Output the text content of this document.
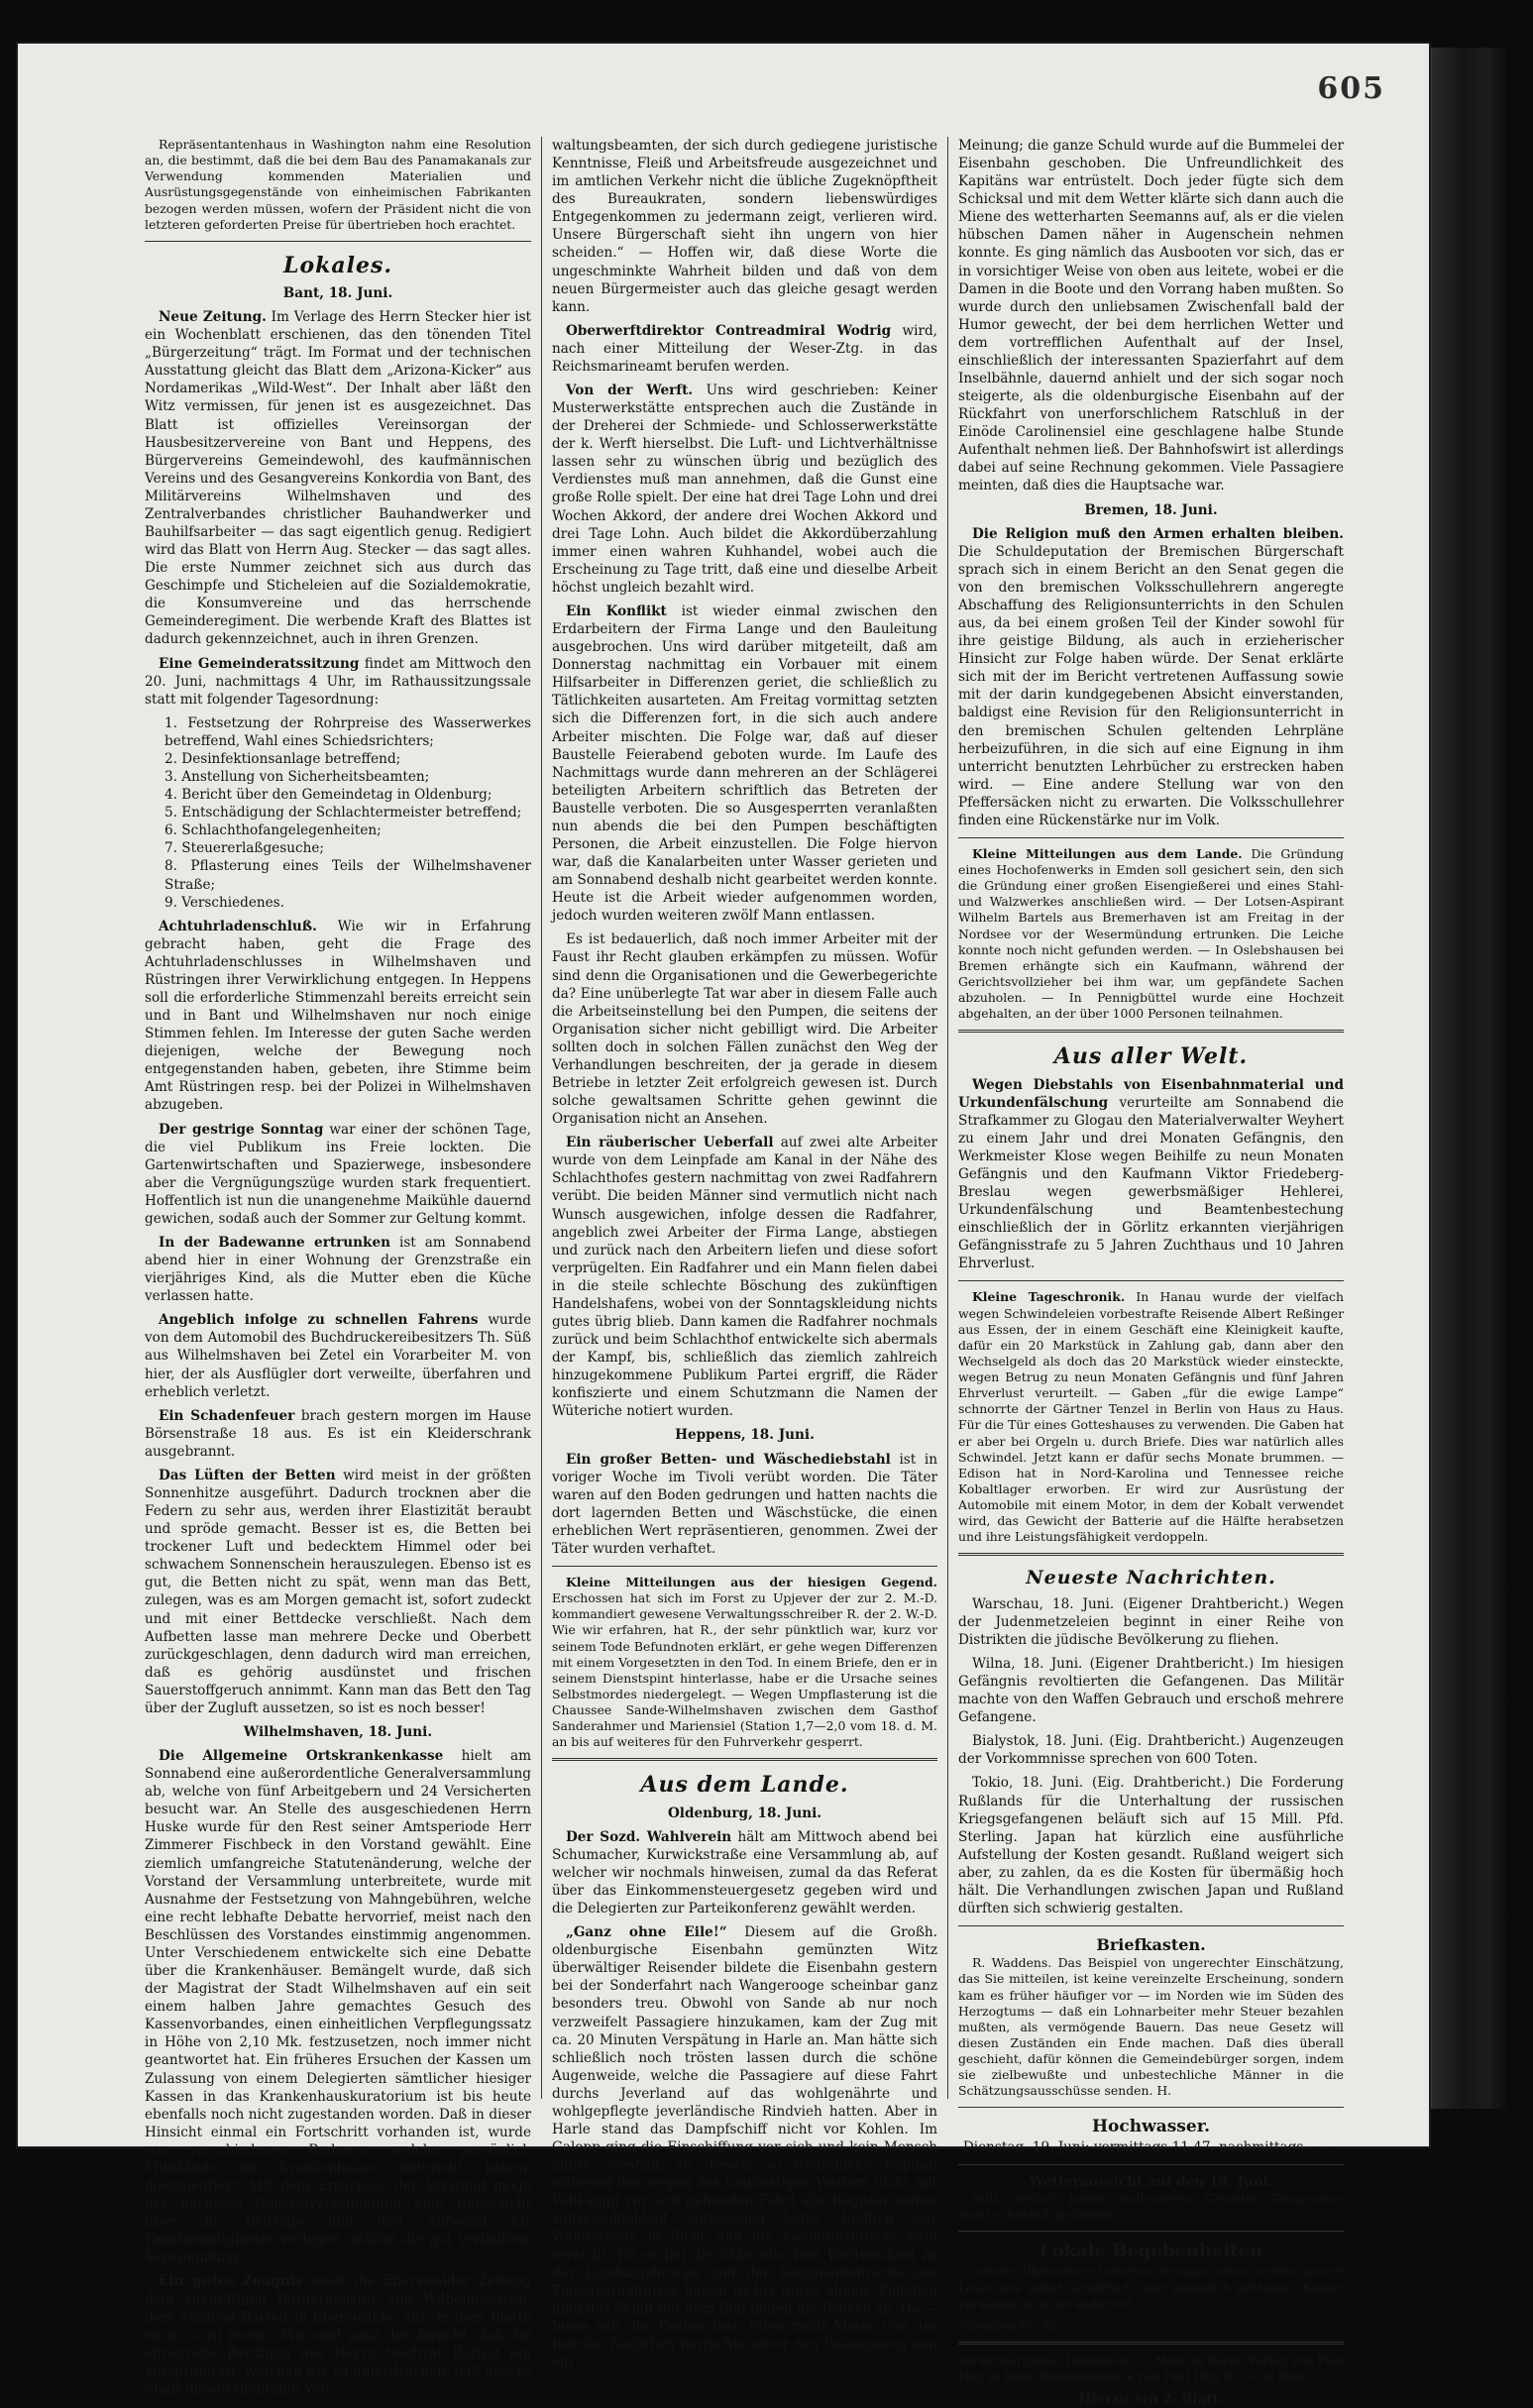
605

Repräsentantenhaus in Washington nahm eine Resolution an, die bestimmt, daß die bei dem Bau des Panamakanals zur Verwendung kommenden Materialien und Ausrüstungsgegenstände von einheimischen Fabrikanten bezogen werden müssen, wofern der Präsident nicht die von letzteren geforderten Preise für übertrieben hoch erachtet.

Lokales.
Bant, 18. Juni.

Neue Zeitung. Im Verlage des Herrn Stecker hier ist ein Wochenblatt erschienen, das den tönenden Titel „Bürgerzeitung“ trägt. Im Format und der technischen Ausstattung gleicht das Blatt dem „Arizona-Kicker“ aus Nordamerikas „Wild-West“. Der Inhalt aber läßt den Witz vermissen, für jenen ist es ausgezeichnet. Das Blatt ist offizielles Vereinsorgan der Hausbesitzervereine von Bant und Heppens, des Bürgervereins Gemeindewohl, des kaufmännischen Vereins und des Gesangvereins Konkordia von Bant, des Militärvereins Wilhelmshaven und des Zentralverbandes christlicher Bauhandwerker und Bauhilfsarbeiter — das sagt eigentlich genug. Redigiert wird das Blatt von Herrn Aug. Stecker — das sagt alles. Die erste Nummer zeichnet sich aus durch das Geschimpfe und Sticheleien auf die Sozialdemokratie, die Konsumvereine und das herrschende Gemeinderegiment. Die werbende Kraft des Blattes ist dadurch gekennzeichnet, auch in ihren Grenzen.

Eine Gemeinderatssitzung findet am Mittwoch den 20. Juni, nachmittags 4 Uhr, im Rathaussitzungssale statt mit folgender Tagesordnung:

1. Festsetzung der Rohrpreise des Wasserwerkes betreffend, Wahl eines Schiedsrichters;
2. Desinfektionsanlage betreffend;
3. Anstellung von Sicherheitsbeamten;
4. Bericht über den Gemeindetag in Oldenburg;
5. Entschädigung der Schlachtermeister betreffend;
6. Schlachthofangelegenheiten;
7. Steuererlaßgesuche;
8. Pflasterung eines Teils der Wilhelmshavener Straße;
9. Verschiedenes.

Achtuhrladenschluß. Wie wir in Erfahrung gebracht haben, geht die Frage des Achtuhrladenschlusses in Wilhelmshaven und Rüstringen ihrer Verwirklichung entgegen. In Heppens soll die erforderliche Stimmenzahl bereits erreicht sein und in Bant und Wilhelmshaven nur noch einige Stimmen fehlen. Im Interesse der guten Sache werden diejenigen, welche der Bewegung noch entgegenstanden haben, gebeten, ihre Stimme beim Amt Rüstringen resp. bei der Polizei in Wilhelmshaven abzugeben.

Der gestrige Sonntag war einer der schönen Tage, die viel Publikum ins Freie lockten. Die Gartenwirtschaften und Spazierwege, insbesondere aber die Vergnügungszüge wurden stark frequentiert. Hoffentlich ist nun die unangenehme Maikühle dauernd gewichen, sodaß auch der Sommer zur Geltung kommt.

In der Badewanne ertrunken ist am Sonnabend abend hier in einer Wohnung der Grenzstraße ein vierjähriges Kind, als die Mutter eben die Küche verlassen hatte.

Angeblich infolge zu schnellen Fahrens wurde von dem Automobil des Buchdruckereibesitzers Th. Süß aus Wilhelmshaven bei Zetel ein Vorarbeiter M. von hier, der als Ausflügler dort verweilte, überfahren und erheblich verletzt.

Ein Schadenfeuer brach gestern morgen im Hause Börsenstraße 18 aus. Es ist ein Kleiderschrank ausgebrannt.

Das Lüften der Betten wird meist in der größten Sonnenhitze ausgeführt. Dadurch trocknen aber die Federn zu sehr aus, werden ihrer Elastizität beraubt und spröde gemacht. Besser ist es, die Betten bei trockener Luft und bedecktem Himmel oder bei schwachem Sonnenschein herauszulegen. Ebenso ist es gut, die Betten nicht zu spät, wenn man das Bett, zulegen, was es am Morgen gemacht ist, sofort zudeckt und mit einer Bettdecke verschließt. Nach dem Aufbetten lasse man mehrere Decke und Oberbett zurückgeschlagen, denn dadurch wird man erreichen, daß es gehörig ausdünstet und frischen Sauerstoffgeruch annimmt. Kann man das Bett den Tag über der Zugluft aussetzen, so ist es noch besser!

Wilhelmshaven, 18. Juni.

Die Allgemeine Ortskrankenkasse hielt am Sonnabend eine außerordentliche Generalversammlung ab, welche von fünf Arbeitgebern und 24 Versicherten besucht war. An Stelle des ausgeschiedenen Herrn Huske wurde für den Rest seiner Amtsperiode Herr Zimmerer Fischbeck in den Vorstand gewählt. Eine ziemlich umfangreiche Statutenänderung, welche der Vorstand der Versammlung unterbreitete, wurde mit Ausnahme der Festsetzung von Mahngebühren, welche eine recht lebhafte Debatte hervorrief, meist nach den Beschlüssen des Vorstandes einstimmig angenommen. Unter Verschiedenem entwickelte sich eine Debatte über die Krankenhäuser. Bemängelt wurde, daß sich der Magistrat der Stadt Wilhelmshaven auf ein seit einem halben Jahre gemachtes Gesuch des Kassenvorbandes, einen einheitlichen Verpflegungssatz in Höhe von 2,10 Mk. festzusetzen, noch immer nicht geantwortet hat. Ein früheres Ersuchen der Kassen um Zulassung von einem Delegierten sämtlicher hiesiger Kassen in das Krankenhauskuratorium ist bis heute ebenfalls noch nicht zugestanden worden. Daß in dieser Hinsicht einmal ein Fortschritt vorhanden ist, wurde von verschiedenen Rednern, welche persönlich Mißstände im Krankenhause miterlebt haben, dokumentiert. Mit dem Ersuchen, der Vorstand möge der nächsten Generalversammlung eine Uebersicht über die Beiträge und den Aufwand für Familienmitglieder vorlegen, schloß die gut verlaufene Versammlung.

Ein gutes Zeugnis stellt die Eberswalder Zeitung dem zukünftigen Bürgermeister von Wilhelmshaven, dem Stadtrat Bartelt in Eberswalde, aus. In dem Blatte ist u. a. zu lesen: „Wir sind ganz der Ansicht, daß die ehrenvolle Berufung des Herrn Stadtrat Bartelt ein Vorsprung ist, welchen wir zu unterdrücken, daß unsere Stadt diesen tüchtigen Ver-“

waltungsbeamten, der sich durch gediegene juristische Kenntnisse, Fleiß und Arbeitsfreude ausgezeichnet und im amtlichen Verkehr nicht die übliche Zugeknöpftheit des Bureaukraten, sondern liebenswürdiges Entgegenkommen zu jedermann zeigt, verlieren wird. Unsere Bürgerschaft sieht ihn ungern von hier scheiden.“ — Hoffen wir, daß diese Worte die ungeschminkte Wahrheit bilden und daß von dem neuen Bürgermeister auch das gleiche gesagt werden kann.

Oberwerftdirektor Contreadmiral Wodrig wird, nach einer Mitteilung der Weser-Ztg. in das Reichsmarineamt berufen werden.

Von der Werft. Uns wird geschrieben: Keiner Musterwerkstätte entsprechen auch die Zustände in der Dreherei der Schmiede- und Schlosserwerkstätte der k. Werft hierselbst. Die Luft- und Lichtverhältnisse lassen sehr zu wünschen übrig und bezüglich des Verdienstes muß man annehmen, daß die Gunst eine große Rolle spielt. Der eine hat drei Tage Lohn und drei Wochen Akkord, der andere drei Wochen Akkord und drei Tage Lohn. Auch bildet die Akkordüberzahlung immer einen wahren Kuhhandel, wobei auch die Erscheinung zu Tage tritt, daß eine und dieselbe Arbeit höchst ungleich bezahlt wird.

Ein Konflikt ist wieder einmal zwischen den Erdarbeitern der Firma Lange und den Bauleitung ausgebrochen. Uns wird darüber mitgeteilt, daß am Donnerstag nachmittag ein Vorbauer mit einem Hilfsarbeiter in Differenzen geriet, die schließlich zu Tätlichkeiten ausarteten. Am Freitag vormittag setzten sich die Differenzen fort, in die sich auch andere Arbeiter mischten. Die Folge war, daß auf dieser Baustelle Feierabend geboten wurde. Im Laufe des Nachmittags wurde dann mehreren an der Schlägerei beteiligten Arbeitern schriftlich das Betreten der Baustelle verboten. Die so Ausgesperrten veranlaßten nun abends die bei den Pumpen beschäftigten Personen, die Arbeit einzustellen. Die Folge hiervon war, daß die Kanalarbeiten unter Wasser gerieten und am Sonnabend deshalb nicht gearbeitet werden konnte. Heute ist die Arbeit wieder aufgenommen worden, jedoch wurden weiteren zwölf Mann entlassen.

Es ist bedauerlich, daß noch immer Arbeiter mit der Faust ihr Recht glauben erkämpfen zu müssen. Wofür sind denn die Organisationen und die Gewerbegerichte da? Eine unüberlegte Tat war aber in diesem Falle auch die Arbeitseinstellung bei den Pumpen, die seitens der Organisation sicher nicht gebilligt wird. Die Arbeiter sollten doch in solchen Fällen zunächst den Weg der Verhandlungen beschreiten, der ja gerade in diesem Betriebe in letzter Zeit erfolgreich gewesen ist. Durch solche gewaltsamen Schritte gehen gewinnt die Organisation nicht an Ansehen.

Ein räuberischer Ueberfall auf zwei alte Arbeiter wurde von dem Leinpfade am Kanal in der Nähe des Schlachthofes gestern nachmittag von zwei Radfahrern verübt. Die beiden Männer sind vermutlich nicht nach Wunsch ausgewichen, infolge dessen die Radfahrer, angeblich zwei Arbeiter der Firma Lange, abstiegen und zurück nach den Arbeitern liefen und diese sofort verprügelten. Ein Radfahrer und ein Mann fielen dabei in die steile schlechte Böschung des zukünftigen Handelshafens, wobei von der Sonntagskleidung nichts gutes übrig blieb. Dann kamen die Radfahrer nochmals zurück und beim Schlachthof entwickelte sich abermals der Kampf, bis, schließlich das ziemlich zahlreich hinzugekommene Publikum Partei ergriff, die Räder konfiszierte und einem Schutzmann die Namen der Wüteriche notiert wurden.

Heppens, 18. Juni.

Ein großer Betten- und Wäschediebstahl ist in voriger Woche im Tivoli verübt worden. Die Täter waren auf den Boden gedrungen und hatten nachts die dort lagernden Betten und Wäschstücke, die einen erheblichen Wert repräsentieren, genommen. Zwei der Täter wurden verhaftet.

Kleine Mitteilungen aus der hiesigen Gegend. Erschossen hat sich im Forst zu Upjever der zur 2. M.-D. kommandiert gewesene Verwaltungsschreiber R. der 2. W.-D. Wie wir erfahren, hat R., der sehr pünktlich war, kurz vor seinem Tode Befundnoten erklärt, er gehe wegen Differenzen mit einem Vorgesetzten in den Tod. In einem Briefe, den er in seinem Dienstspint hinterlasse, habe er die Ursache seines Selbstmordes niedergelegt. — Wegen Umpflasterung ist die Chaussee Sande-Wilhelmshaven zwischen dem Gasthof Sanderahmer und Mariensiel (Station 1,7—2,0 vom 18. d. M. an bis auf weiteres für den Fuhrverkehr gesperrt.

Aus dem Lande.
Oldenburg, 18. Juni.

Der Sozd. Wahlverein hält am Mittwoch abend bei Schumacher, Kurwickstraße eine Versammlung ab, auf welcher wir nochmals hinweisen, zumal da das Referat über das Einkommensteuergesetz gegeben wird und die Delegierten zur Parteikonferenz gewählt werden.

„Ganz ohne Eile!“ Diesem auf die Großh. oldenburgische Eisenbahn gemünzten Witz überwältiger Reisender bildete die Eisenbahn gestern bei der Sonderfahrt nach Wangerooge scheinbar ganz besonders treu. Obwohl von Sande ab nur noch verzweifelt Passagiere hinzukamen, kam der Zug mit ca. 20 Minuten Verspätung in Harle an. Man hätte sich schließlich noch trösten lassen durch die schöne Augenweide, welche die Passagiere auf diese Fahrt durchs Jeverland auf das wohlgenährte und wohlgepflegte jeverländische Rindvieh hatten. Aber in Harle stand das Dampfschiff nicht vor Kohlen. Im Galopp ging die Einschiffung vor sich und kein Mensch ahnte, weshalb zu diesem so freundliche Kapitän während der wegen des ungünstigen Wetters nicht mit Vollkampf vor sich gehenden Fahrt alle Register seiner Unfreundlichkeit aufgezogen hatte. Endlich war Wangerooge in Sicht und die Landungsbrücke bald erreicht. Da er fiel die Ebbe ein. Den Wortwechsel zu der Landungsbrücke und der Kommandobrücke des Tiefenverhältnisse ließen nichts gutes ahnen. Plötzlich ging das Schiff mit dem Bug gegen die Brücke an. Da — bums saß der Kasten fest; etwa zwölf Meter von der Brücke. Natürlich herrschte unter den Passagieren nun ein

Meinung; die ganze Schuld wurde auf die Bummelei der Eisenbahn geschoben. Die Unfreundlichkeit des Kapitäns war entrüstelt. Doch jeder fügte sich dem Schicksal und mit dem Wetter klärte sich dann auch die Miene des wetterharten Seemanns auf, als er die vielen hübschen Damen näher in Augenschein nehmen konnte. Es ging nämlich das Ausbooten vor sich, das er in vorsichtiger Weise von oben aus leitete, wobei er die Damen in die Boote und den Vorrang haben mußten. So wurde durch den unliebsamen Zwischenfall bald der Humor gewecht, der bei dem herrlichen Wetter und dem vortrefflichen Aufenthalt auf der Insel, einschließlich der interessanten Spazierfahrt auf dem Inselbähnle, dauernd anhielt und der sich sogar noch steigerte, als die oldenburgische Eisenbahn auf der Rückfahrt von unerforschlichem Ratschluß in der Einöde Carolinensiel eine geschlagene halbe Stunde Aufenthalt nehmen ließ. Der Bahnhofswirt ist allerdings dabei auf seine Rechnung gekommen. Viele Passagiere meinten, daß dies die Hauptsache war.

Bremen, 18. Juni.

Die Religion muß den Armen erhalten bleiben. Die Schuldeputation der Bremischen Bürgerschaft sprach sich in einem Bericht an den Senat gegen die von den bremischen Volksschullehrern angeregte Abschaffung des Religionsunterrichts in den Schulen aus, da bei einem großen Teil der Kinder sowohl für ihre geistige Bildung, als auch in erzieherischer Hinsicht zur Folge haben würde. Der Senat erklärte sich mit der im Bericht vertretenen Auffassung sowie mit der darin kundgegebenen Absicht einverstanden, baldigst eine Revision für den Religionsunterricht in den bremischen Schulen geltenden Lehrpläne herbeizuführen, in die sich auf eine Eignung in ihm unterricht benutzten Lehrbücher zu erstrecken haben wird. — Eine andere Stellung war von den Pfeffersäcken nicht zu erwarten. Die Volksschullehrer finden eine Rückenstärke nur im Volk.

Kleine Mitteilungen aus dem Lande. Die Gründung eines Hochofenwerks in Emden soll gesichert sein, den sich die Gründung einer großen Eisengießerei und eines Stahl- und Walzwerkes anschließen wird. — Der Lotsen-Aspirant Wilhelm Bartels aus Bremerhaven ist am Freitag in der Nordsee vor der Wesermündung ertrunken. Die Leiche konnte noch nicht gefunden werden. — In Oslebshausen bei Bremen erhängte sich ein Kaufmann, während der Gerichtsvollzieher bei ihm war, um gepfändete Sachen abzuholen. — In Pennigbüttel wurde eine Hochzeit abgehalten, an der über 1000 Personen teilnahmen.

Aus aller Welt.

Wegen Diebstahls von Eisenbahnmaterial und Urkundenfälschung verurteilte am Sonnabend die Strafkammer zu Glogau den Materialverwalter Weyhert zu einem Jahr und drei Monaten Gefängnis, den Werkmeister Klose wegen Beihilfe zu neun Monaten Gefängnis und den Kaufmann Viktor Friedeberg-Breslau wegen gewerbsmäßiger Hehlerei, Urkundenfälschung und Beamtenbestechung einschließlich der in Görlitz erkannten vierjährigen Gefängnisstrafe zu 5 Jahren Zuchthaus und 10 Jahren Ehrverlust.

Kleine Tageschronik. In Hanau wurde der vielfach wegen Schwindeleien vorbestrafte Reisende Albert Reßinger aus Essen, der in einem Geschäft eine Kleinigkeit kaufte, dafür ein 20 Markstück in Zahlung gab, dann aber den Wechselgeld als doch das 20 Markstück wieder einsteckte, wegen Betrug zu neun Monaten Gefängnis und fünf Jahren Ehrverlust verurteilt. — Gaben „für die ewige Lampe“ schnorrte der Gärtner Tenzel in Berlin von Haus zu Haus. Für die Tür eines Gotteshauses zu verwenden. Die Gaben hat er aber bei Orgeln u. durch Briefe. Dies war natürlich alles Schwindel. Jetzt kann er dafür sechs Monate brummen. — Edison hat in Nord-Karolina und Tennessee reiche Kobaltlager erworben. Er wird zur Ausrüstung der Automobile mit einem Motor, in dem der Kobalt verwendet wird, das Gewicht der Batterie auf die Hälfte herabsetzen und ihre Leistungsfähigkeit verdoppeln.

Neueste Nachrichten.

Warschau, 18. Juni. (Eigener Drahtbericht.) Wegen der Judenmetzeleien beginnt in einer Reihe von Distrikten die jüdische Bevölkerung zu fliehen.

Wilna, 18. Juni. (Eigener Drahtbericht.) Im hiesigen Gefängnis revoltierten die Gefangenen. Das Militär machte von den Waffen Gebrauch und erschoß mehrere Gefangene.

Bialystok, 18. Juni. (Eig. Drahtbericht.) Augenzeugen der Vorkommnisse sprechen von 600 Toten.

Tokio, 18. Juni. (Eig. Drahtbericht.) Die Forderung Rußlands für die Unterhaltung der russischen Kriegsgefangenen beläuft sich auf 15 Mill. Pfd. Sterling. Japan hat kürzlich eine ausführliche Aufstellung der Kosten gesandt. Rußland weigert sich aber, zu zahlen, da es die Kosten für übermäßig hoch hält. Die Verhandlungen zwischen Japan und Rußland dürften sich schwierig gestalten.

Briefkasten.

R. Waddens. Das Beispiel von ungerechter Einschätzung, das Sie mitteilen, ist keine vereinzelte Erscheinung, sondern kam es früher häufiger vor — im Norden wie im Süden des Herzogtums — daß ein Lohnarbeiter mehr Steuer bezahlen mußten, als vermögende Bauern. Das neue Gesetz will diesen Zuständen ein Ende machen. Daß dies überall geschieht, dafür können die Gemeindebürger sorgen, indem sie zielbewußte und unbestechliche Männer in die Schätzungsausschüsse senden. H.

Hochwasser.

Dienstag, 19. Juni: vormittags 11.47, nachmittags —.—

Wetteraussicht auf den 19. Juni.

Still, vielfach heiter, stellenweise Gewitter. Temperatur nicht erheblich geändert.

Lokale Begebenheiten

welche allgemeines Interesse beanspruchen, wollen unsere Leser uns sofort schriftlich oder mündlich mitteilen. Keiner versäume sich bei anderen!

Telephon Nr. 58.

Verantwortlicher Redakteur: C. Meze in Barel. Verlag von Paul Hug in Bant. Rotationsdruck von Paul Hug & Co. in Bant.

Hierzu ein 2. Blatt.
